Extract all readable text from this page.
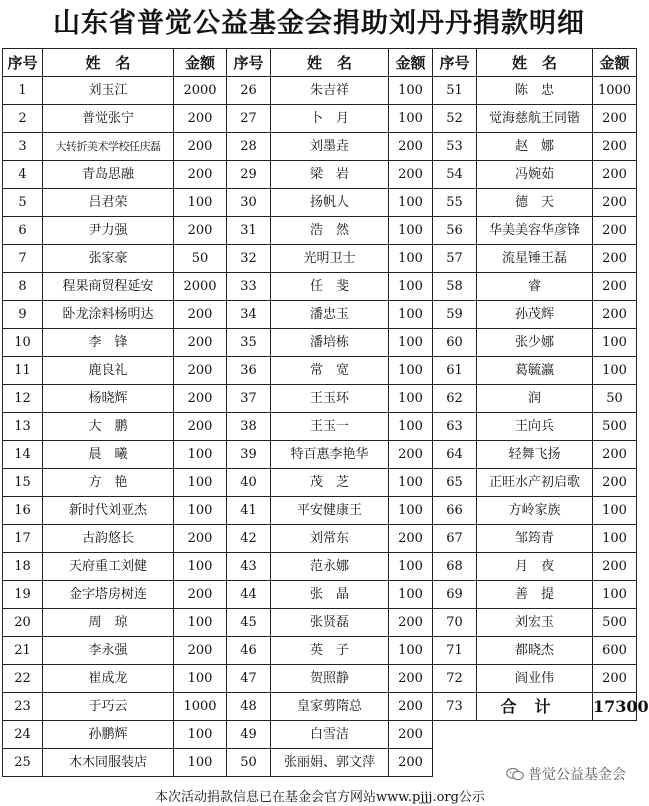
山东省普觉公益基金会捐助刘丹丹捐款明细
序号	姓　名	金额	序号	姓　名	金额	序号	姓　名	金额
1	刘玉江	2000	26	朱吉祥	100	51	陈　忠	1000
2	普觉张宁	200	27	卜　月	100	52	觉海慈航王同锴	200
3	大转折美术学校任庆磊	200	28	刘墨垚	200	53	赵　娜	200
4	青岛思融	200	29	梁　岩	200	54	冯婉茹	200
5	吕君荣	100	30	扬帆人	100	55	德　天	200
6	尹力强	200	31	浩　然	100	56	华美美容华彦锋	200
7	张家豪	50	32	光明卫士	100	57	流星锤王磊	200
8	程果商贸程延安	2000	33	任　斐	100	58	睿	200
9	卧龙涂料杨明达	200	34	潘忠玉	100	59	孙茂辉	200
10	李　锋	200	35	潘培栋	100	60	张少娜	100
11	鹿良礼	200	36	常　宽	100	61	葛毓瀛	100
12	杨晓辉	200	37	王玉环	100	62	润	50
13	大　鹏	200	38	王玉一	100	63	王向兵	500
14	晨　曦	100	39	特百惠李艳华	200	64	轻舞飞扬	200
15	方　艳	100	40	茂　芝	100	65	正旺水产初启歌	200
16	新时代刘亚杰	100	41	平安健康王	100	66	方岭家族	100
17	古韵悠长	200	42	刘常东	200	67	邹筠青	100
18	天府重工刘健	100	43	范永娜	100	68	月　夜	200
19	金字塔房树连	200	44	张　晶	100	69	善　提	100
20	周　琼	100	45	张贤磊	200	70	刘宏玉	500
21	李永强	200	46	英　子	100	71	都晓杰	600
22	崔成龙	100	47	贺照静	200	72	阎业伟	200
23	于巧云	1000	48	皇家剪隋总	200	73	合计	17300
24	孙鹏辉	100	49	白雪洁	200			
25	木木同服装店	100	50	张丽娟、郭文萍	200			
普觉公益基金会
本次活动捐款信息已在基金会官方网站www.pjjj.org公示
